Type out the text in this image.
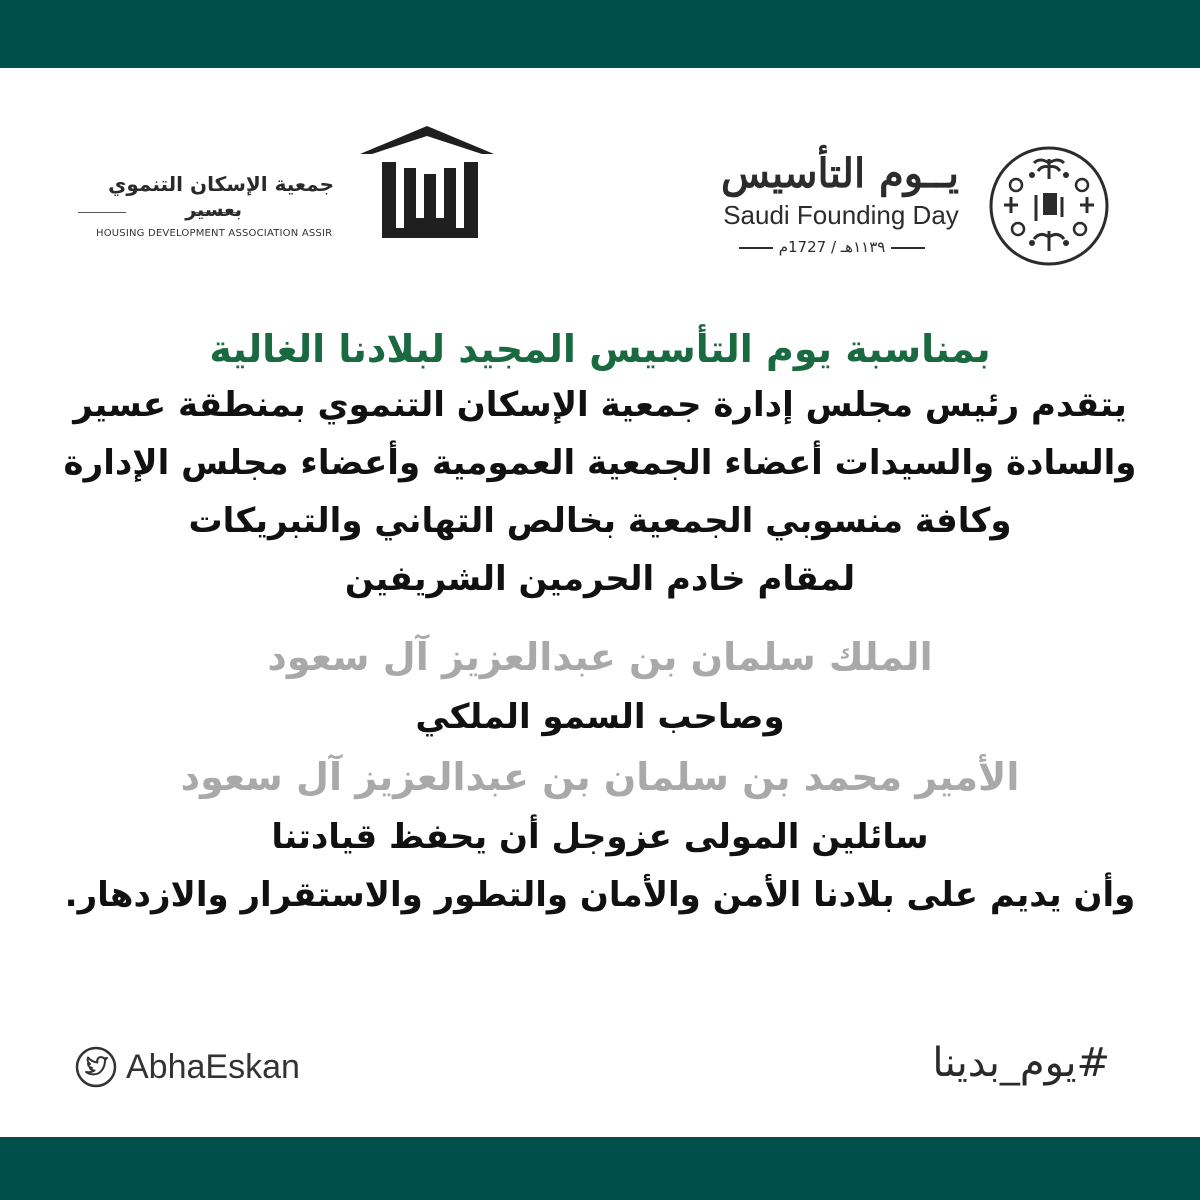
جمعية الإسكان التنموي
بعسير
HOUSING DEVELOPMENT ASSOCIATION ASSIR
يــوم التأسيس
Saudi Founding Day
١١٣٩هـ / 1727م
بمناسبة يوم التأسيس المجيد لبلادنا الغالية
يتقدم رئيس مجلس إدارة جمعية الإسكان التنموي بمنطقة عسير
والسادة والسيدات أعضاء الجمعية العمومية وأعضاء مجلس الإدارة
وكافة منسوبي الجمعية بخالص التهاني والتبريكات
لمقام خادم الحرمين الشريفين
الملك سلمان بن عبدالعزيز آل سعود
وصاحب السمو الملكي
الأمير محمد بن سلمان بن عبدالعزيز آل سعود
سائلين المولى عزوجل أن يحفظ قيادتنا
وأن يديم على بلادنا الأمن والأمان والتطور والاستقرار والازدهار.
AbhaEskan	#يوم_بدينا
